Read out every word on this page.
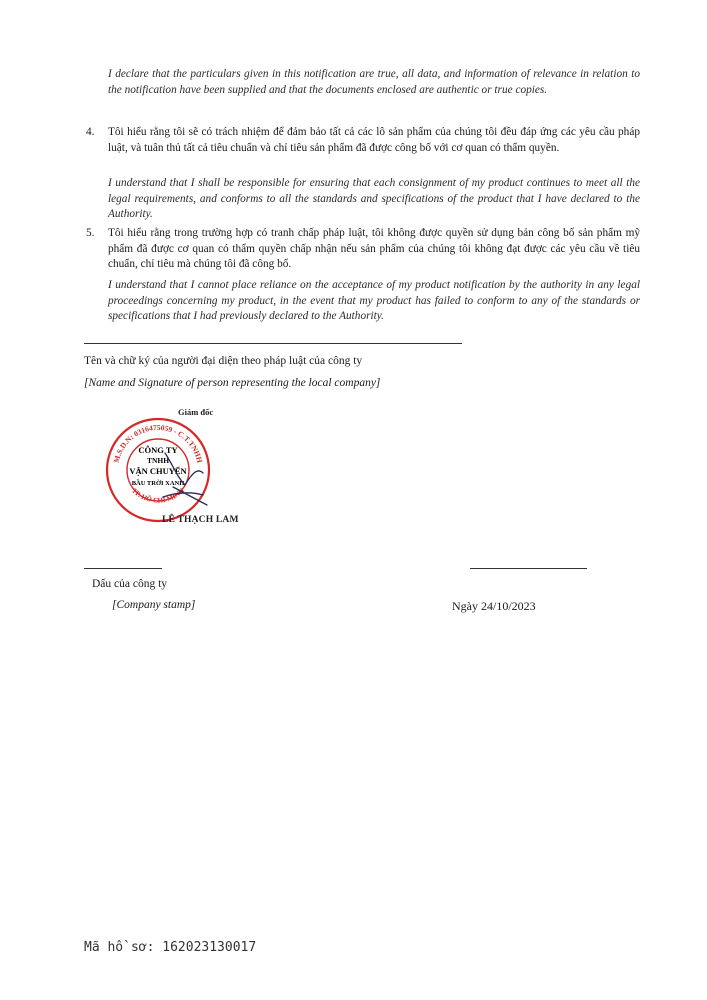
I declare that the particulars given in this notification are true, all data, and information of relevance in relation to the notification have been supplied and that the documents enclosed are authentic or true copies.
4. Tôi hiểu rằng tôi sẽ có trách nhiệm để đảm bảo tất cả các lô sản phẩm của chúng tôi đều đáp ứng các yêu cầu pháp luật, và tuân thủ tất cả tiêu chuẩn và chỉ tiêu sản phẩm đã được công bố với cơ quan có thẩm quyền.
I understand that I shall be responsible for ensuring that each consignment of my product continues to meet all the legal requirements, and conforms to all the standards and specifications of the product that I have declared to the Authority.
5. Tôi hiểu rằng trong trường hợp có tranh chấp pháp luật, tôi không được quyền sử dụng bản công bố sản phẩm mỹ phẩm đã được cơ quan có thẩm quyền chấp nhận nếu sản phẩm của chúng tôi không đạt được các yêu cầu về tiêu chuẩn, chỉ tiêu mà chúng tôi đã công bố.
I understand that I cannot place reliance on the acceptance of my product notification by the authority in any legal proceedings concerning my product, in the event that my product has failed to conform to any of the standards or specifications that I had previously declared to the Authority.
Tên và chữ ký của người đại diện theo pháp luật của công ty
[Name and Signature of person representing the local company]
Giám đốc
M.S.D.N: 0316475059 - C.T.TNHH
TP. HỒ CHÍ MINH
CÔNG TY
TNHH
VẬN CHUYỂN
BẦU TRỜI XANH
LÊ THẠCH LAM
Dấu của công ty
[Company stamp]	Ngày 24/10/2023
Mã hồ sơ: 162023130017
